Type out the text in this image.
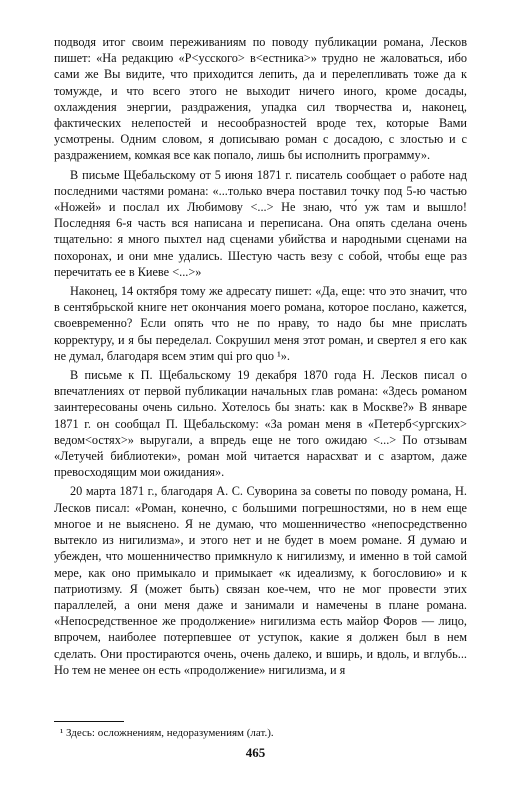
подводя итог своим переживаниям по поводу публикации романа, Лесков пишет: «На редакцию «Р<усского> в<естника>» трудно не жаловаться, ибо сами же Вы видите, что приходится лепить, да и перелепливать тоже да к томужде, и что всего этого не выходит ничего иного, кроме досады, охлаждения энергии, раздражения, упадка сил творчества и, наконец, фактических нелепостей и несообразностей вроде тех, которые Вами усмотрены. Одним словом, я дописываю роман с досадою, с злостью и с раздражением, комкая все как попало, лишь бы исполнить программу».

В письме Щебальскому от 5 июня 1871 г. писатель сообщает о работе над последними частями романа: «...только вчера поставил точку под 5-ю частью «Ножей» и послал их Любимову <...> Не знаю, что́ уж там и вышло! Последняя 6-я часть вся написана и переписана. Она опять сделана очень тщательно: я много пыхтел над сценами убийства и народными сценами на похоронах, и они мне удались. Шестую часть везу с собой, чтобы еще раз перечитать ее в Киеве <...>»

Наконец, 14 октября тому же адресату пишет: «Да, еще: что это значит, что в сентябрьской книге нет окончания моего романа, которое послано, кажется, своевременно? Если опять что не по нраву, то надо бы мне прислать корректуру, и я бы переделал. Сокрушил меня этот роман, и свертел я его как не думал, благодаря всем этим qui pro quo ¹».

В письме к П. Щебальскому 19 декабря 1870 года Н. Лесков писал о впечатлениях от первой публикации начальных глав романа: «Здесь романом заинтересованы очень сильно. Хотелось бы знать: как в Москве?» В январе 1871 г. он сообщал П. Щебальскому: «За роман меня в «Петерб<ургских> ведом<остях>» выругали, а впредь еще не того ожидаю <...> По отзывам «Летучей библиотеки», роман мой читается нарасхват и с азартом, даже превосходящим мои ожидания».

20 марта 1871 г., благодаря А. С. Суворина за советы по поводу романа, Н. Лесков писал: «Роман, конечно, с большими погрешностями, но в нем еще многое и не выяснено. Я не думаю, что мошенничество «непосредственно вытекло из нигилизма», и этого нет и не будет в моем романе. Я думаю и убежден, что мошенничество примкнуло к нигилизму, и именно в той самой мере, как оно примыкало и примыкает «к идеализму, к богословию» и к патриотизму. Я (может быть) связан кое-чем, что не мог провести этих параллелей, а они меня даже и занимали и намечены в плане романа. «Непосредственное же продолжение» нигилизма есть майор Форов — лицо, впрочем, наиболее потерпевшее от уступок, какие я должен был в нем сделать. Они простираются очень, очень далеко, и вширь, и вдоль, и вглубь... Но тем не менее он есть «продолжение» нигилизма, и я

¹ Здесь: осложнениям, недоразумениям (лат.).
465
